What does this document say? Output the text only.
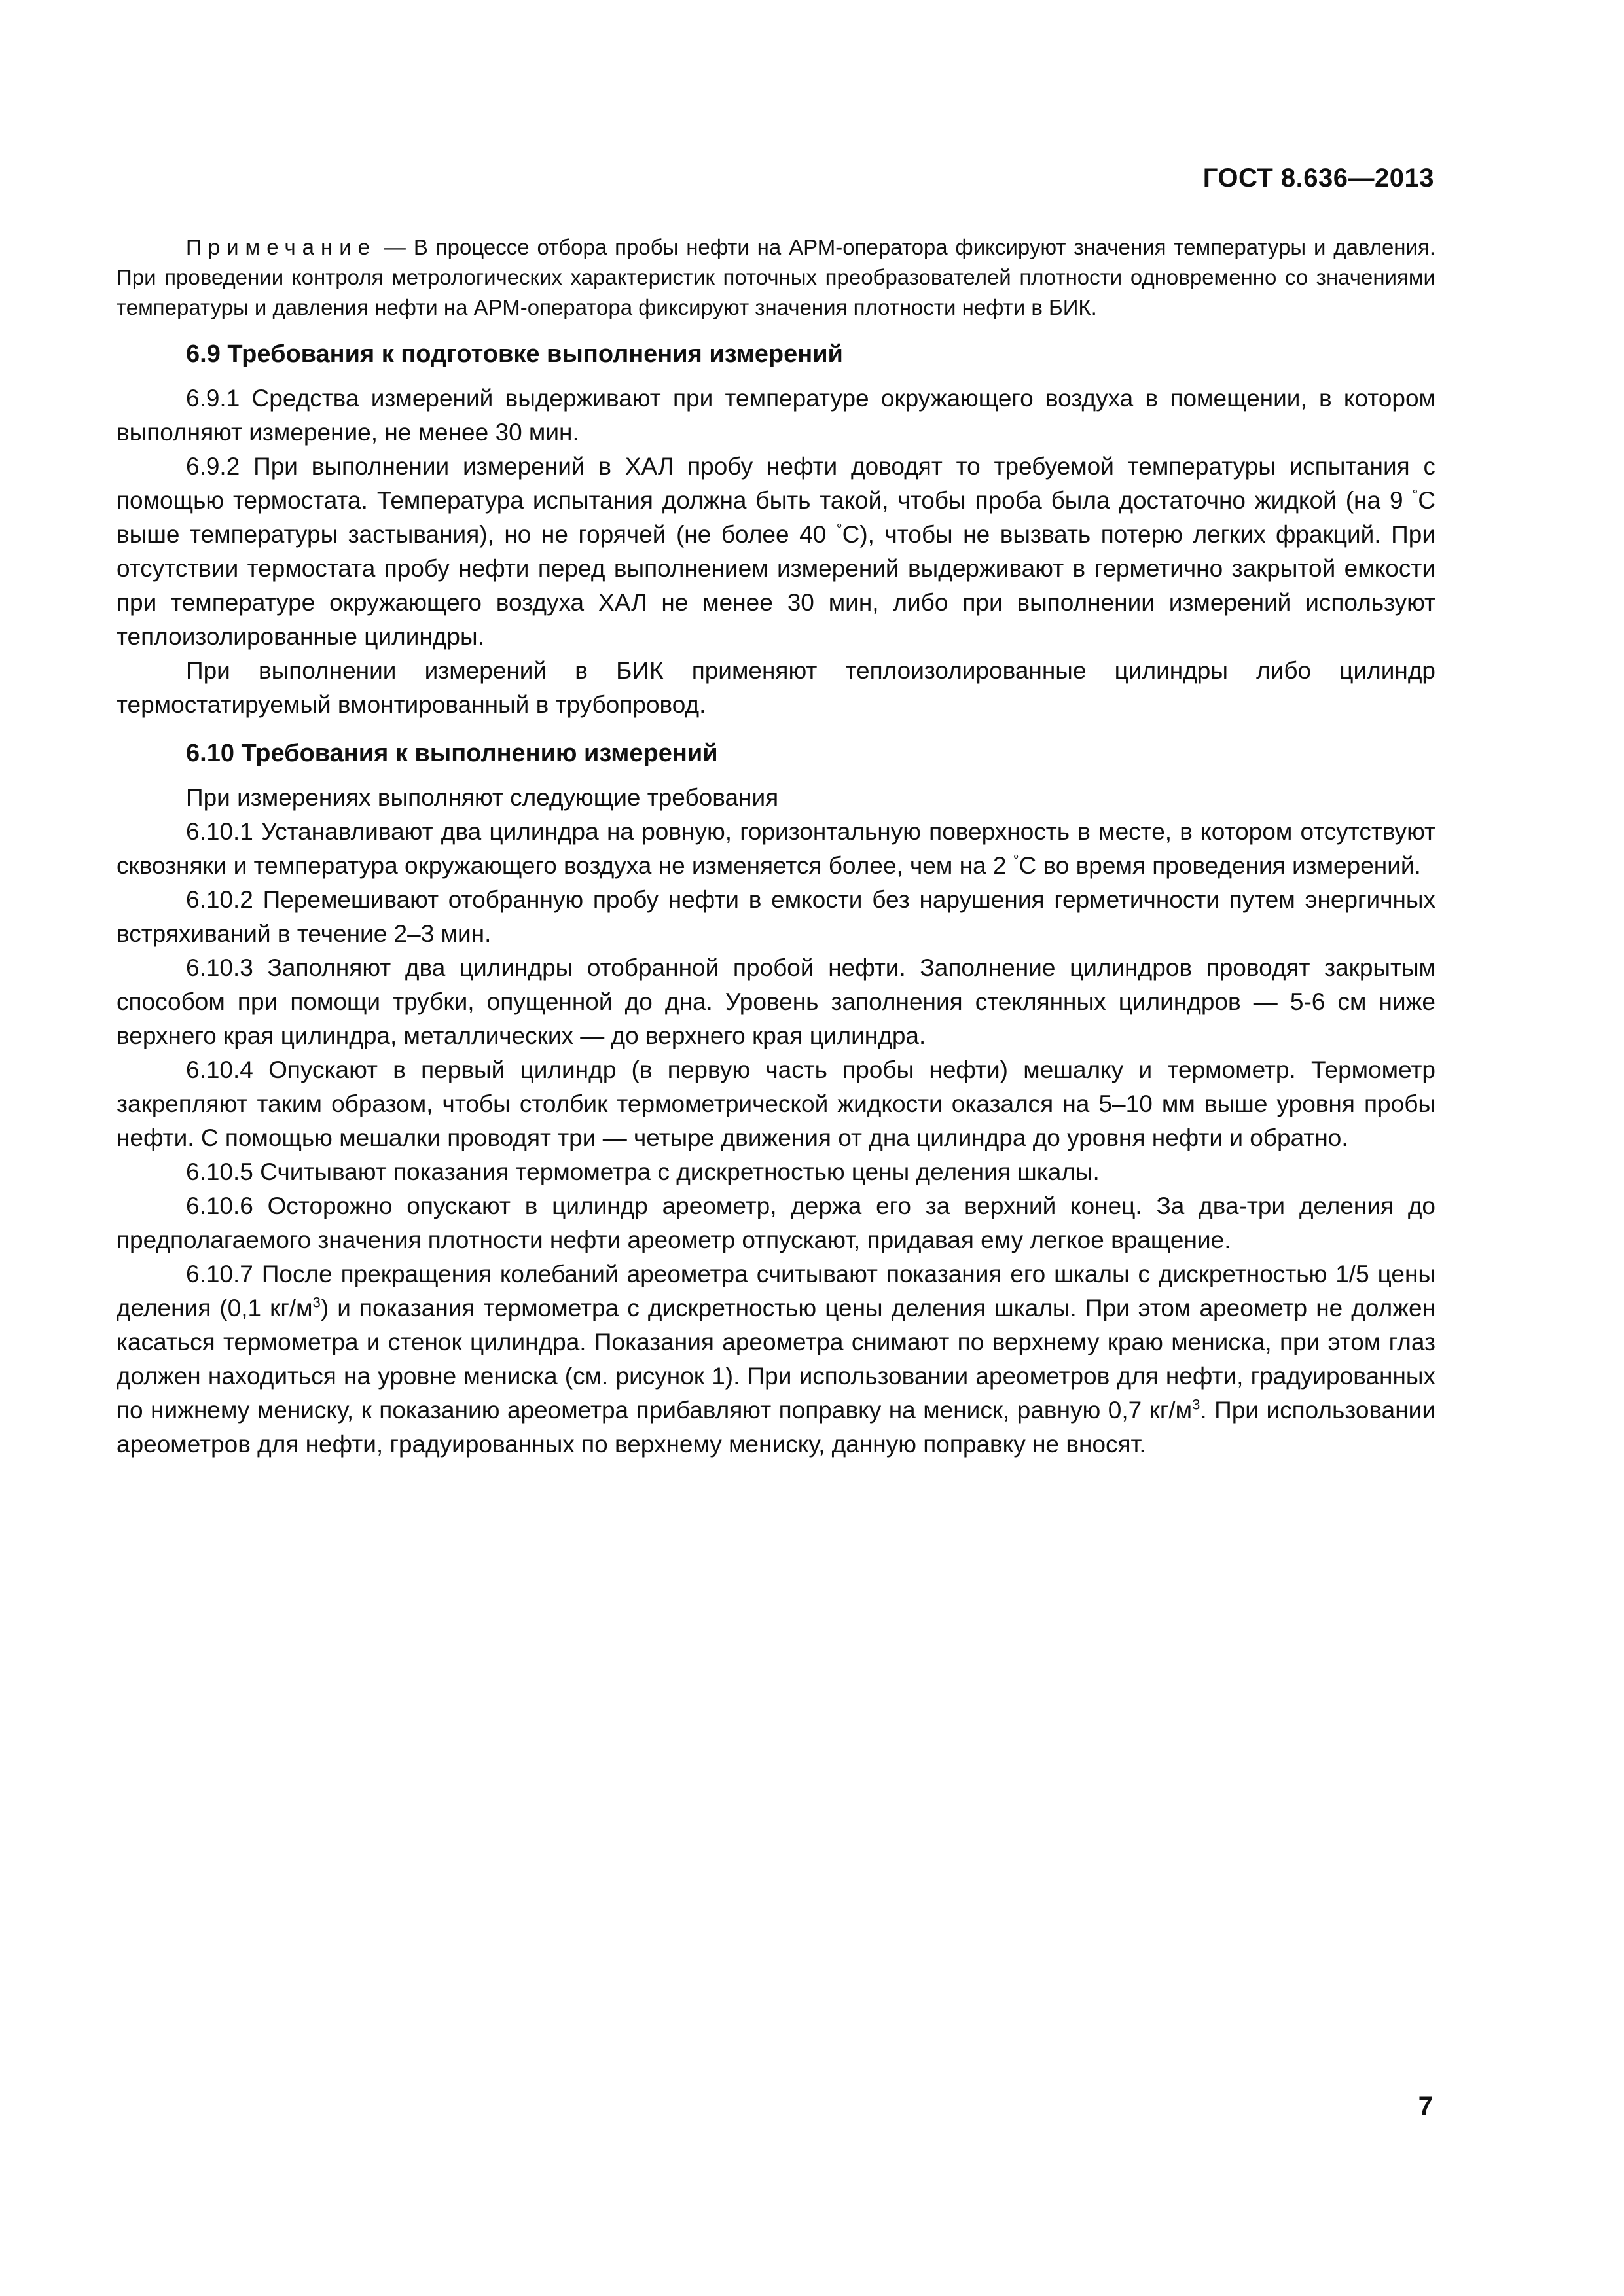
ГОСТ 8.636—2013

Примечание — В процессе отбора пробы нефти на АРМ-оператора фиксируют значения температуры и давления. При проведении контроля метрологических характеристик поточных преобразователей плотности одновременно со значениями температуры и давления нефти на АРМ-оператора фиксируют значения плотности нефти в БИК.

6.9 Требования к подготовке выполнения измерений

6.9.1 Средства измерений выдерживают при температуре окружающего воздуха в помещении, в котором выполняют измерение, не менее 30 мин.

6.9.2 При выполнении измерений в ХАЛ пробу нефти доводят то требуемой температуры испытания с помощью термостата. Температура испытания должна быть такой, чтобы проба была достаточно жидкой (на 9 °С выше температуры застывания), но не горячей (не более 40 °С), чтобы не вызвать потерю легких фракций. При отсутствии термостата пробу нефти перед выполнением измерений выдерживают в герметично закрытой емкости при температуре окружающего воздуха ХАЛ не менее 30 мин, либо при выполнении измерений используют теплоизолированные цилиндры.

При выполнении измерений в БИК применяют теплоизолированные цилиндры либо цилиндр термостатируемый вмонтированный в трубопровод.

6.10 Требования к выполнению измерений

При измерениях выполняют следующие требования

6.10.1 Устанавливают два цилиндра на ровную, горизонтальную поверхность в месте, в котором отсутствуют сквозняки и температура окружающего воздуха не изменяется более, чем на 2 °С во время проведения измерений.

6.10.2 Перемешивают отобранную пробу нефти в емкости без нарушения герметичности путем энергичных встряхиваний в течение 2–3 мин.

6.10.3 Заполняют два цилиндры отобранной пробой нефти. Заполнение цилиндров проводят закрытым способом при помощи трубки, опущенной до дна. Уровень заполнения стеклянных цилиндров — 5-6 см ниже верхнего края цилиндра, металлических — до верхнего края цилиндра.

6.10.4 Опускают в первый цилиндр (в первую часть пробы нефти) мешалку и термометр. Термометр закрепляют таким образом, чтобы столбик термометрической жидкости оказался на 5–10 мм выше уровня пробы нефти. С помощью мешалки проводят три — четыре движения от дна цилиндра до уровня нефти и обратно.

6.10.5 Считывают показания термометра с дискретностью цены деления шкалы.

6.10.6 Осторожно опускают в цилиндр ареометр, держа его за верхний конец. За два-три деления до предполагаемого значения плотности нефти ареометр отпускают, придавая ему легкое вращение.

6.10.7 После прекращения колебаний ареометра считывают показания его шкалы с дискретностью 1/5 цены деления (0,1 $кг/м^3$) и показания термометра с дискретностью цены деления шкалы. При этом ареометр не должен касаться термометра и стенок цилиндра. Показания ареометра снимают по верхнему краю мениска, при этом глаз должен находиться на уровне мениска (см. рисунок 1). При использовании ареометров для нефти, градуированных по нижнему мениску, к показанию ареометра прибавляют поправку на мениск, равную 0,7 $кг/м^3$. При использовании ареометров для нефти, градуированных по верхнему мениску, данную поправку не вносят.

7
